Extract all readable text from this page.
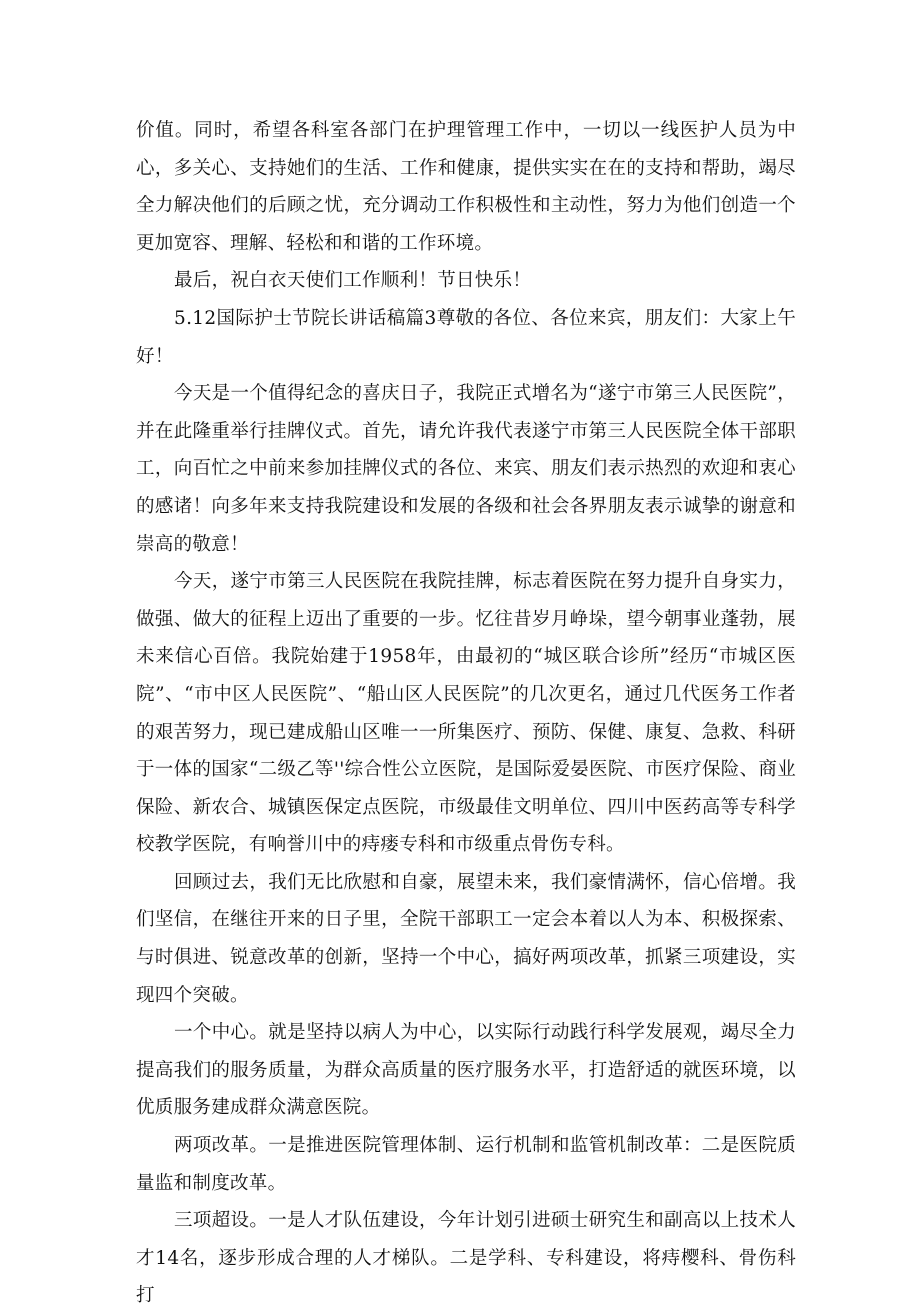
价值。同时，希望各科室各部门在护理管理工作中，一切以一线医护人员为中心，多关心、支持她们的生活、工作和健康，提供实实在在的支持和帮助，竭尽全力解决他们的后顾之忧，充分调动工作积极性和主动性，努力为他们创造一个更加宽容、理解、轻松和和谐的工作环境。

最后，祝白衣天使们工作顺利！节日快乐！

5.12国际护士节院长讲话稿篇3尊敬的各位、各位来宾，朋友们：大家上午好！

今天是一个值得纪念的喜庆日子，我院正式增名为“遂宁市第三人民医院”，并在此隆重举行挂牌仪式。首先，请允许我代表遂宁市第三人民医院全体干部职工，向百忙之中前来参加挂牌仪式的各位、来宾、朋友们表示热烈的欢迎和衷心的感诸！向多年来支持我院建设和发展的各级和社会各界朋友表示诚挚的谢意和崇高的敬意！

今天，遂宁市第三人民医院在我院挂牌，标志着医院在努力提升自身实力，做强、做大的征程上迈出了重要的一步。忆往昔岁月峥垛，望今朝事业蓬勃，展未来信心百倍。我院始建于1958年，由最初的“城区联合诊所”经历“市城区医院”、“市中区人民医院”、“船山区人民医院”的几次更名，通过几代医务工作者的艰苦努力，现已建成船山区唯一一所集医疗、预防、保健、康复、急救、科研于一体的国家“二级乙等''综合性公立医院，是国际爱晏医院、市医疗保险、商业保险、新农合、城镇医保定点医院，市级最佳文明单位、四川中医药高等专科学校教学医院，有响誉川中的痔瘘专科和市级重点骨伤专科。

回顾过去，我们无比欣慰和自豪，展望未来，我们豪情满怀，信心倍增。我们坚信，在继往开来的日子里，全院干部职工一定会本着以人为本、积极探索、与时俱进、锐意改革的创新，坚持一个中心，搞好两项改革，抓紧三项建设，实现四个突破。

一个中心。就是坚持以病人为中心，以实际行动践行科学发展观，竭尽全力提高我们的服务质量，为群众高质量的医疗服务水平，打造舒适的就医环境，以优质服务建成群众满意医院。

两项改革。一是推进医院管理体制、运行机制和监管机制改革：二是医院质量监和制度改革。

三项超设。一是人才队伍建设，今年计划引进硕士研究生和副高以上技术人才14名，逐步形成合理的人才梯队。二是学科、专科建设，将痔樱科、骨伤科打
